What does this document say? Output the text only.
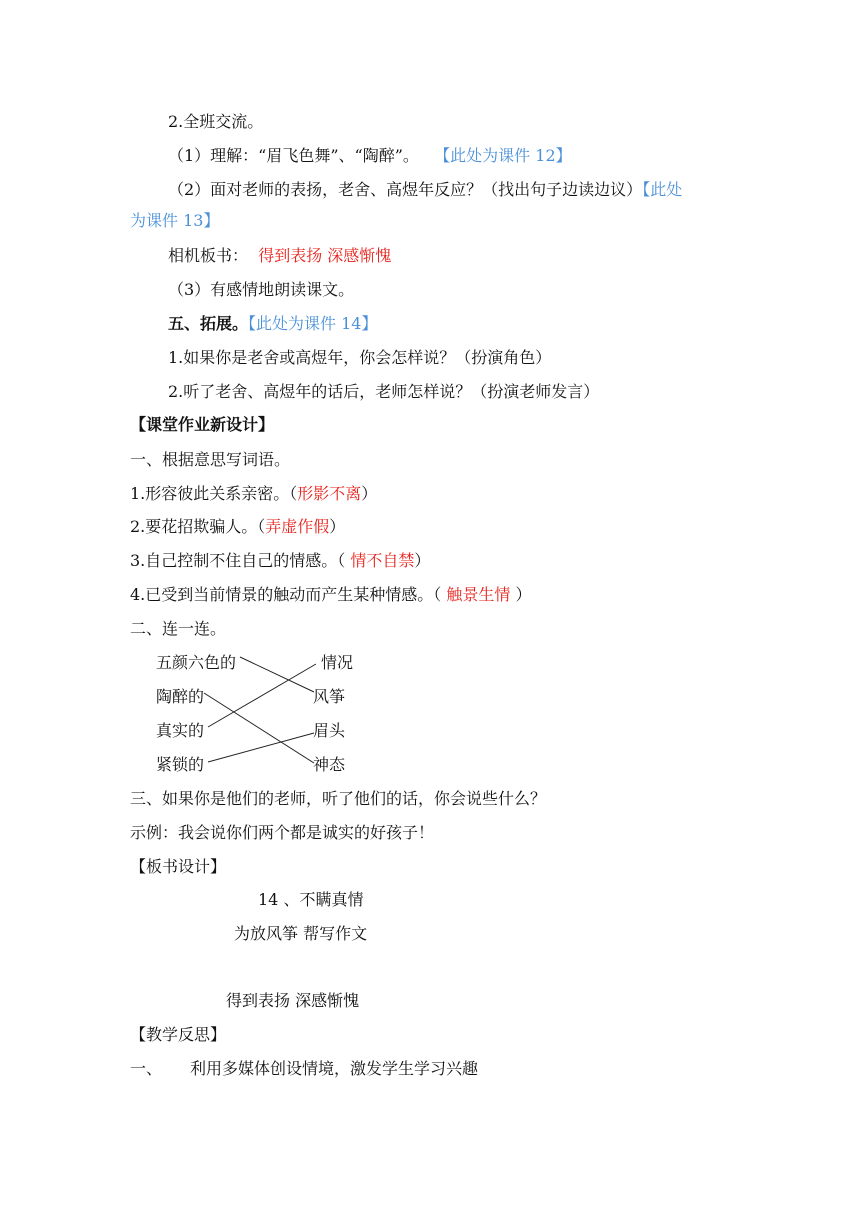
2.全班交流。
（1）理解：“眉飞色舞”、“陶醉”。 【此处为课件 12】
（2）面对老师的表扬，老舍、高煜年反应？（找出句子边读边议）【此处
为课件 13】
相机板书： 得到表扬 深感惭愧
（3）有感情地朗读课文。
五、拓展。【此处为课件 14】
1.如果你是老舍或高煜年，你会怎样说？（扮演角色）
2.听了老舍、高煜年的话后，老师怎样说？（扮演老师发言）
【课堂作业新设计】
一、根据意思写词语。
1.形容彼此关系亲密。（形影不离）
2.要花招欺骗人。（弄虚作假）
3.自己控制不住自己的情感。（ 情不自禁）
4.已受到当前情景的触动而产生某种情感。（ 触景生情 ）
二、连一连。
五颜六色的
陶醉的
真实的
紧锁的
情况
风筝
眉头
神态
三、如果你是他们的老师，听了他们的话，你会说些什么？
示例：我会说你们两个都是诚实的好孩子！
【板书设计】
14 、不瞒真情
为放风筝 帮写作文
得到表扬 深感惭愧
【教学反思】
一、 利用多媒体创设情境，激发学生学习兴趣
